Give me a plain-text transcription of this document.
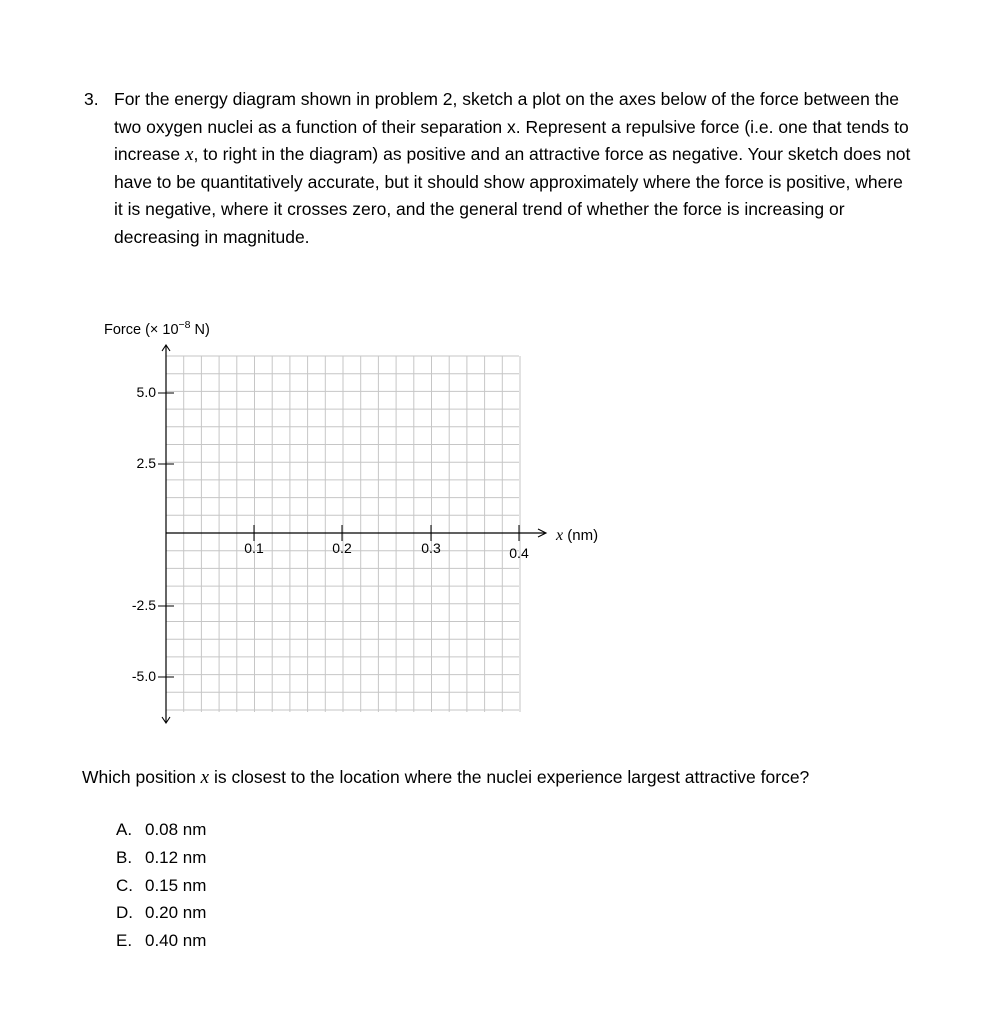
3. For the energy diagram shown in problem 2, sketch a plot on the axes below of the force between the two oxygen nuclei as a function of their separation x. Represent a repulsive force (i.e. one that tends to increase x, to right in the diagram) as positive and an attractive force as negative. Your sketch does not have to be quantitatively accurate, but it should show approximately where the force is positive, where it is negative, where it crosses zero, and the general trend of whether the force is increasing or decreasing in magnitude.
Force (× $10^{-8}$ N)
5.0
2.5
-2.5
-5.0
0.1	0.2	0.3	0.4
x (nm)
Which position x is closest to the location where the nuclei experience largest attractive force?
A. 0.08 nm
B. 0.12 nm
C. 0.15 nm
D. 0.20 nm
E. 0.40 nm
